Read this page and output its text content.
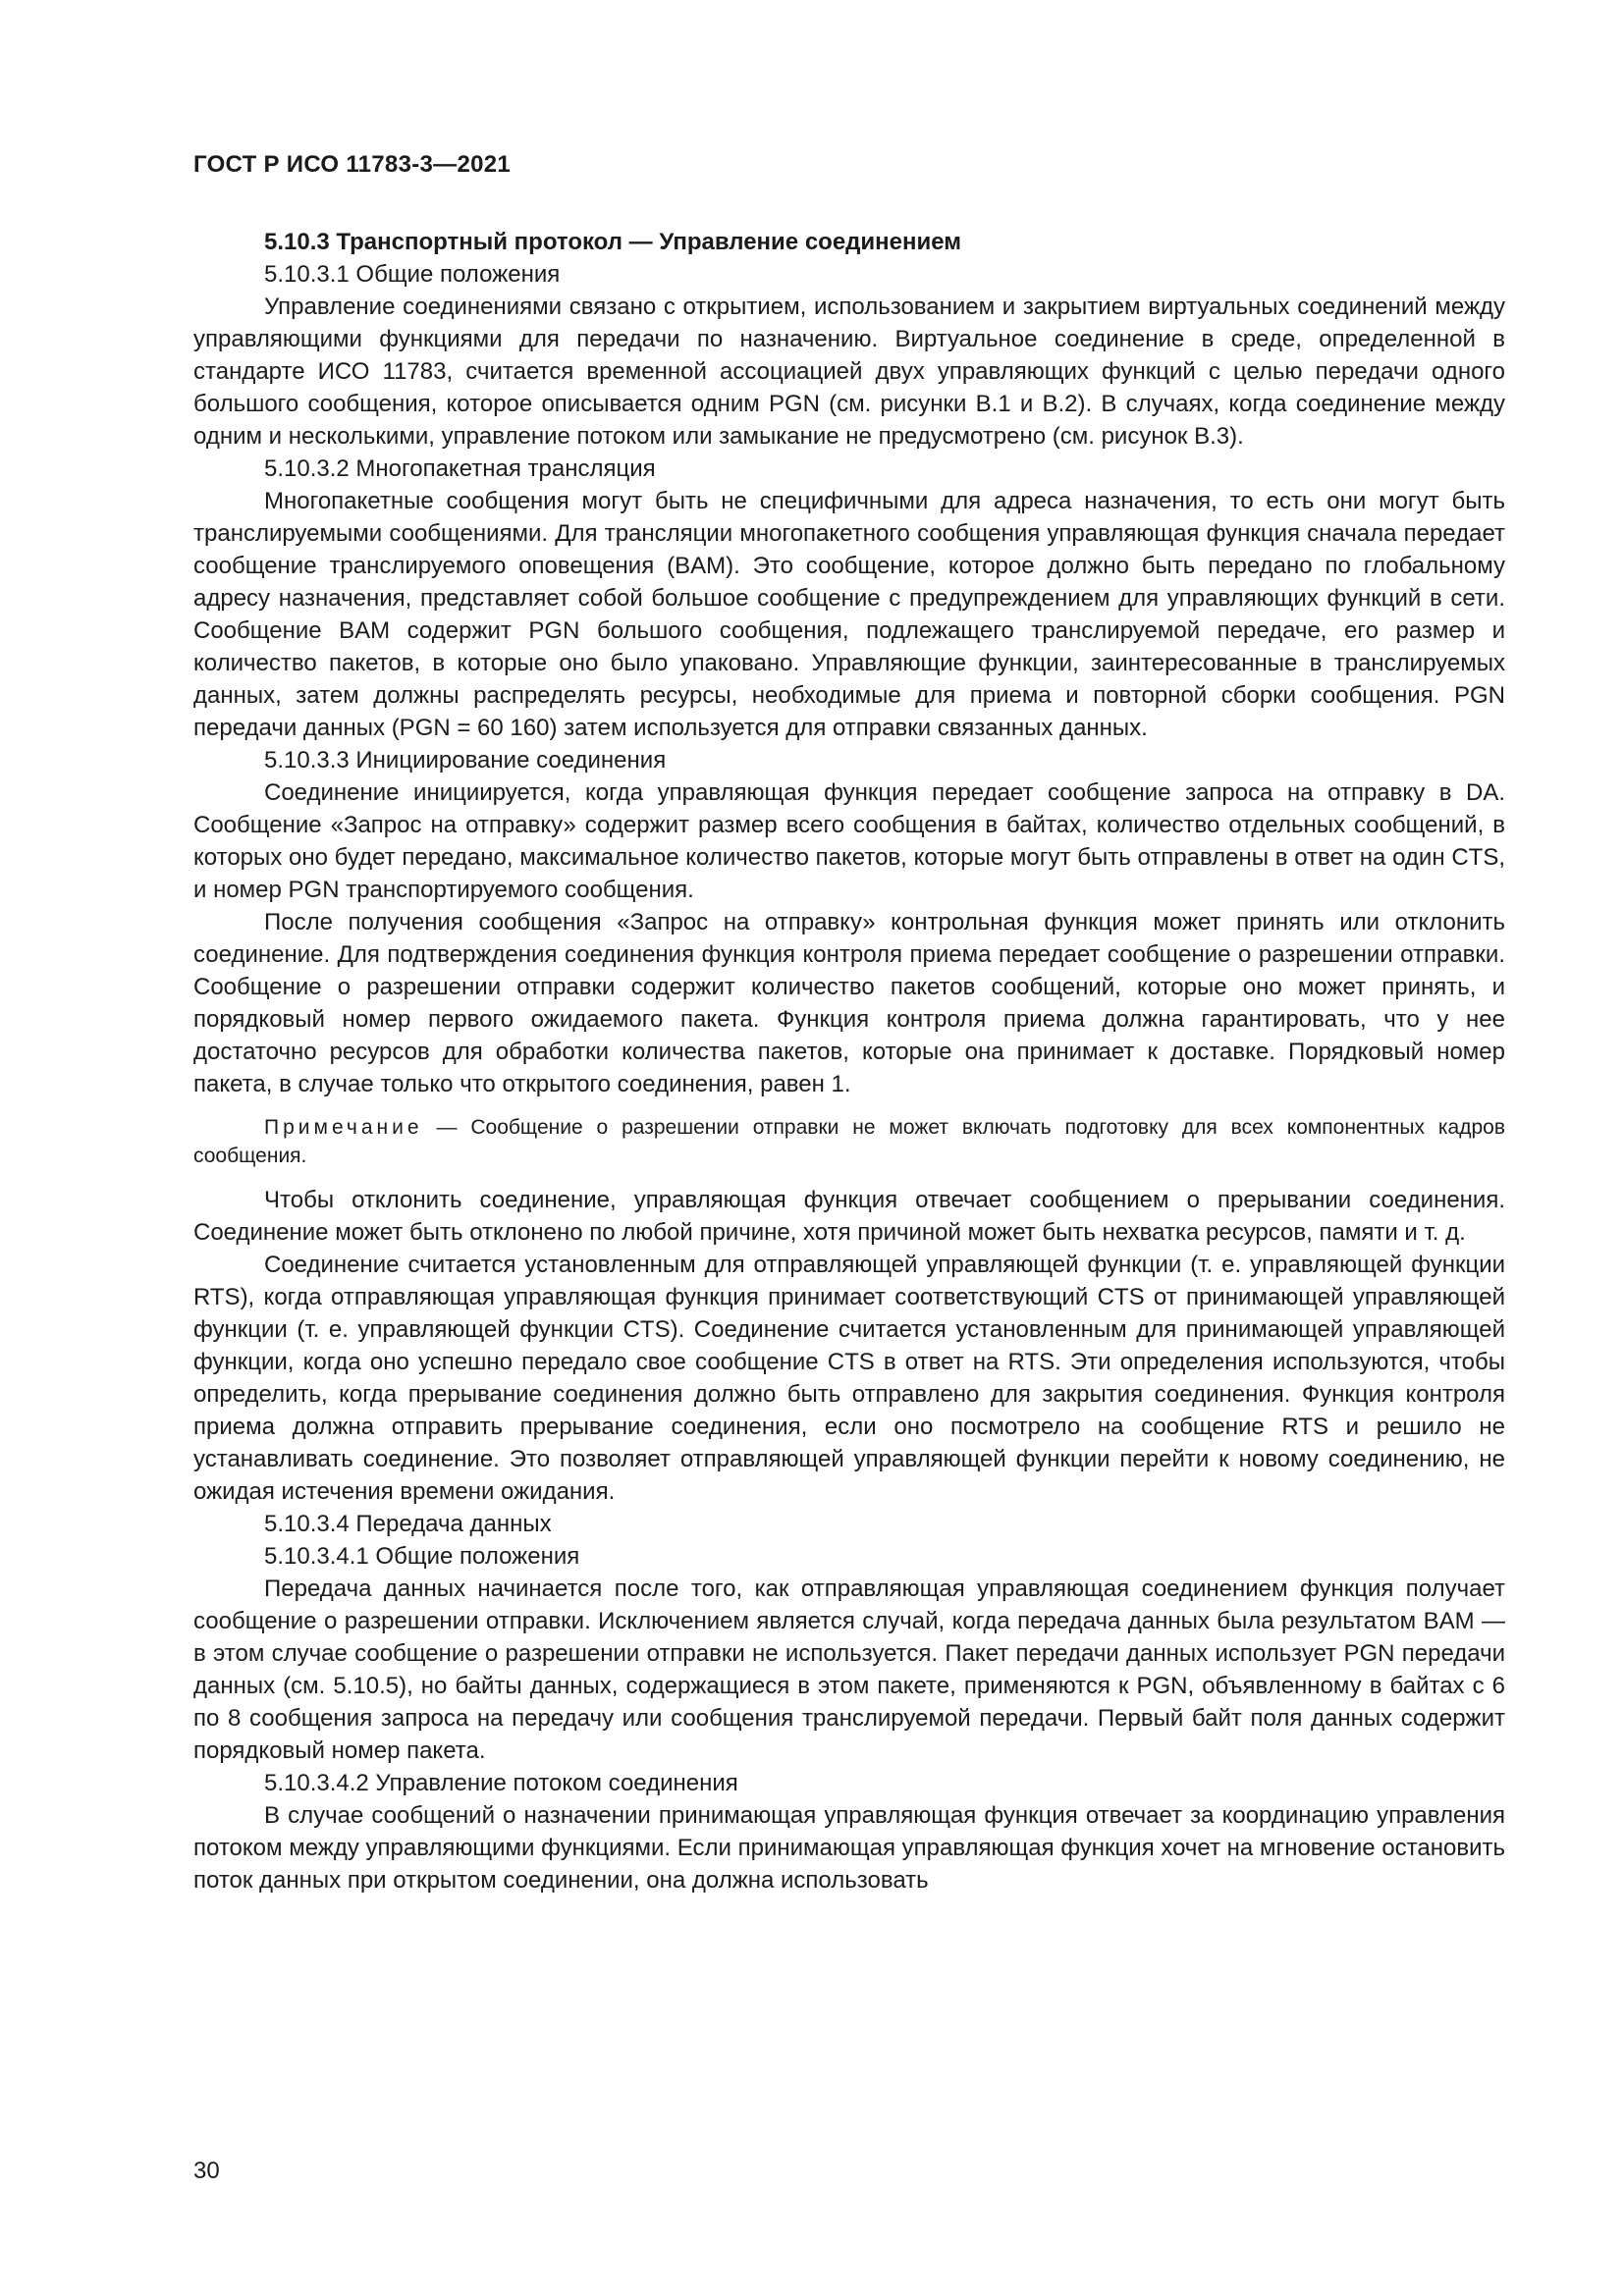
ГОСТ Р ИСО 11783-3—2021

5.10.3 Транспортный протокол — Управление соединением

5.10.3.1 Общие положения

Управление соединениями связано с открытием, использованием и закрытием виртуальных соединений между управляющими функциями для передачи по назначению. Виртуальное соединение в среде, определенной в стандарте ИСО 11783, считается временной ассоциацией двух управляющих функций с целью передачи одного большого сообщения, которое описывается одним PGN (см. рисунки В.1 и В.2). В случаях, когда соединение между одним и несколькими, управление потоком или замыкание не предусмотрено (см. рисунок В.3).

5.10.3.2 Многопакетная трансляция

Многопакетные сообщения могут быть не специфичными для адреса назначения, то есть они могут быть транслируемыми сообщениями. Для трансляции многопакетного сообщения управляющая функция сначала передает сообщение транслируемого оповещения (BAM). Это сообщение, которое должно быть передано по глобальному адресу назначения, представляет собой большое сообщение с предупреждением для управляющих функций в сети. Сообщение BAM содержит PGN большого сообщения, подлежащего транслируемой передаче, его размер и количество пакетов, в которые оно было упаковано. Управляющие функции, заинтересованные в транслируемых данных, затем должны распределять ресурсы, необходимые для приема и повторной сборки сообщения. PGN передачи данных (PGN = 60 160) затем используется для отправки связанных данных.

5.10.3.3 Инициирование соединения

Соединение инициируется, когда управляющая функция передает сообщение запроса на отправку в DA. Сообщение «Запрос на отправку» содержит размер всего сообщения в байтах, количество отдельных сообщений, в которых оно будет передано, максимальное количество пакетов, которые могут быть отправлены в ответ на один CTS, и номер PGN транспортируемого сообщения.

После получения сообщения «Запрос на отправку» контрольная функция может принять или отклонить соединение. Для подтверждения соединения функция контроля приема передает сообщение о разрешении отправки. Сообщение о разрешении отправки содержит количество пакетов сообщений, которые оно может принять, и порядковый номер первого ожидаемого пакета. Функция контроля приема должна гарантировать, что у нее достаточно ресурсов для обработки количества пакетов, которые она принимает к доставке. Порядковый номер пакета, в случае только что открытого соединения, равен 1.

Примечание — Сообщение о разрешении отправки не может включать подготовку для всех компонентных кадров сообщения.

Чтобы отклонить соединение, управляющая функция отвечает сообщением о прерывании соединения. Соединение может быть отклонено по любой причине, хотя причиной может быть нехватка ресурсов, памяти и т. д.

Соединение считается установленным для отправляющей управляющей функции (т. е. управляющей функции RTS), когда отправляющая управляющая функция принимает соответствующий CTS от принимающей управляющей функции (т. е. управляющей функции CTS). Соединение считается установленным для принимающей управляющей функции, когда оно успешно передало свое сообщение CTS в ответ на RTS. Эти определения используются, чтобы определить, когда прерывание соединения должно быть отправлено для закрытия соединения. Функция контроля приема должна отправить прерывание соединения, если оно посмотрело на сообщение RTS и решило не устанавливать соединение. Это позволяет отправляющей управляющей функции перейти к новому соединению, не ожидая истечения времени ожидания.

5.10.3.4 Передача данных

5.10.3.4.1 Общие положения

Передача данных начинается после того, как отправляющая управляющая соединением функция получает сообщение о разрешении отправки. Исключением является случай, когда передача данных была результатом BAM — в этом случае сообщение о разрешении отправки не используется. Пакет передачи данных использует PGN передачи данных (см. 5.10.5), но байты данных, содержащиеся в этом пакете, применяются к PGN, объявленному в байтах с 6 по 8 сообщения запроса на передачу или сообщения транслируемой передачи. Первый байт поля данных содержит порядковый номер пакета.

5.10.3.4.2 Управление потоком соединения

В случае сообщений о назначении принимающая управляющая функция отвечает за координацию управления потоком между управляющими функциями. Если принимающая управляющая функция хочет на мгновение остановить поток данных при открытом соединении, она должна использовать

30
